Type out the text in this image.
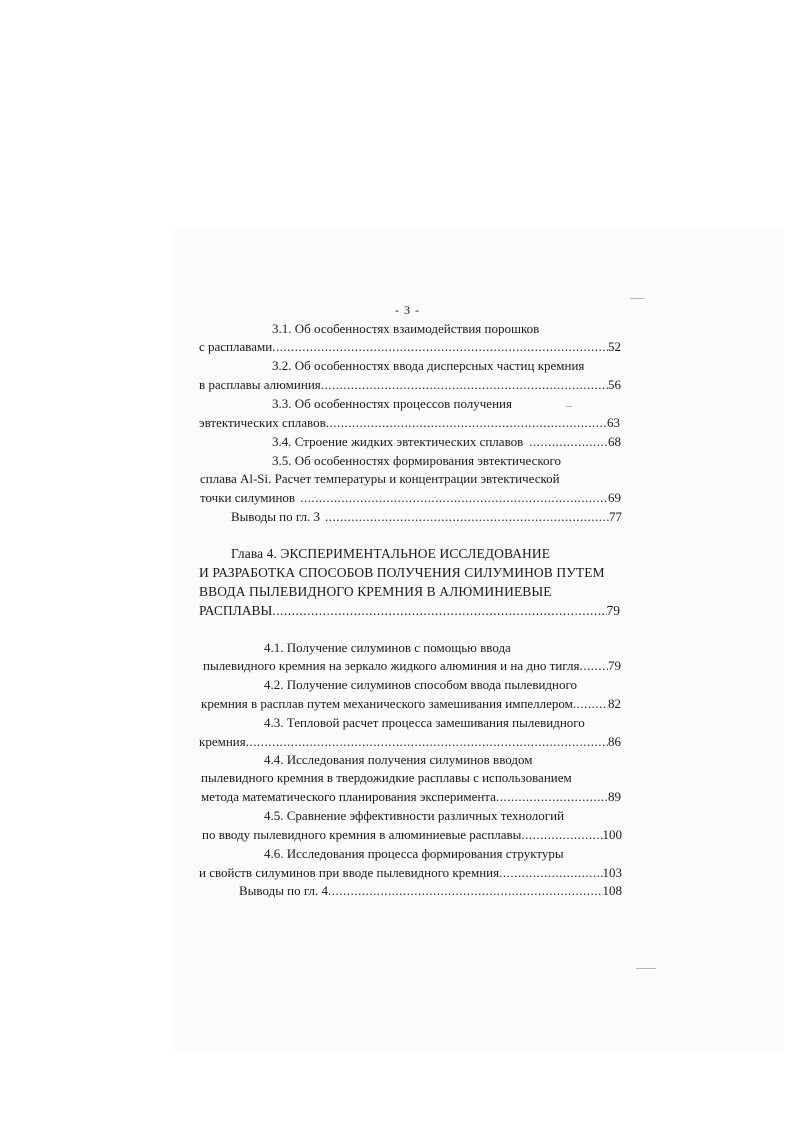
- 3 -
3.1. Об особенностях взаимодействия порошков
с расплавами .....	52
3.2. Об особенностях ввода дисперсных частиц кремния
в расплавы алюминия .....	56
3.3. Об особенностях процессов получения
эвтектических сплавов .....	63
3.4. Строение жидких эвтектических сплавов .....	68
3.5. Об особенностях формирования эвтектического
сплава Al-Si. Расчет температуры и концентрации эвтектической
точки силуминов .....	69
Выводы по гл. 3 .....	77
Глава 4. ЭКСПЕРИМЕНТАЛЬНОЕ ИССЛЕДОВАНИЕ
И РАЗРАБОТКА СПОСОБОВ ПОЛУЧЕНИЯ СИЛУМИНОВ ПУТЕМ
ВВОДА ПЫЛЕВИДНОГО КРЕМНИЯ В АЛЮМИНИЕВЫЕ
РАСПЛАВЫ .....	79
4.1. Получение силуминов с помощью ввода
пылевидного кремния на зеркало жидкого алюминия и на дно тигля ..... 79
4.2. Получение силуминов способом ввода пылевидного
кремния в расплав путем механического замешивания импеллером .....	82
4.3. Тепловой расчет процесса замешивания пылевидного
кремния .....	86
4.4. Исследования получения силуминов вводом
пылевидного кремния в твердожидкие расплавы с использованием
метода математического планирования эксперимента .....	89
4.5. Сравнение эффективности различных технологий
по вводу пылевидного кремния в алюминиевые расплавы .....	100
4.6. Исследования процесса формирования структуры
и свойств силуминов при вводе пылевидного кремния .....	103
Выводы по гл. 4 .....	108
